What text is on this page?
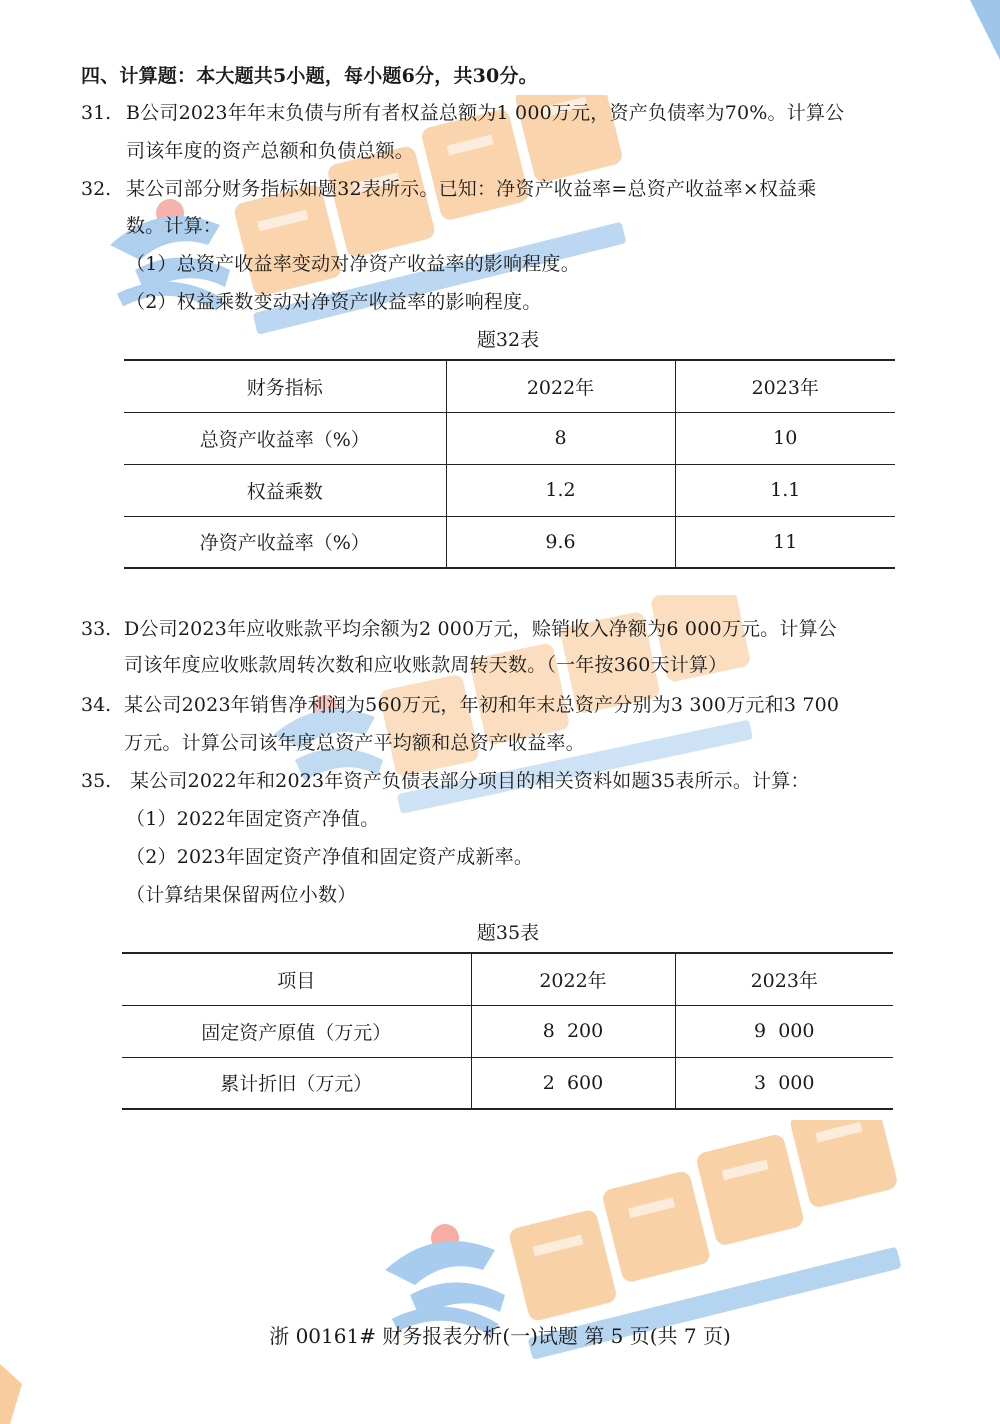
四、计算题：本大题共5小题，每小题6分，共30分。
31. B公司2023年年末负债与所有者权益总额为1 000万元，资产负债率为70%。计算公
司该年度的资产总额和负债总额。
32. 某公司部分财务指标如题32表所示。已知：净资产收益率=总资产收益率×权益乘
数。计算：
（1）总资产收益率变动对净资产收益率的影响程度。
（2）权益乘数变动对净资产收益率的影响程度。
题32表
财务指标	2022年	2023年
总资产收益率（%）	8	10
权益乘数	1.2	1.1
净资产收益率（%）	9.6	11
33. D公司2023年应收账款平均余额为2 000万元，赊销收入净额为6 000万元。计算公
司该年度应收账款周转次数和应收账款周转天数。（一年按360天计算）
34. 某公司2023年销售净利润为560万元，年初和年末总资产分别为3 300万元和3 700
万元。计算公司该年度总资产平均额和总资产收益率。
35. 某公司2022年和2023年资产负债表部分项目的相关资料如题35表所示。计算：
（1）2022年固定资产净值。
（2）2023年固定资产净值和固定资产成新率。
（计算结果保留两位小数）
题35表
项目	2022年	2023年
固定资产原值（万元）	8  200	9  000
累计折旧（万元）	2  600	3  000
浙 00161# 财务报表分析(一)试题 第 5 页(共 7 页)
